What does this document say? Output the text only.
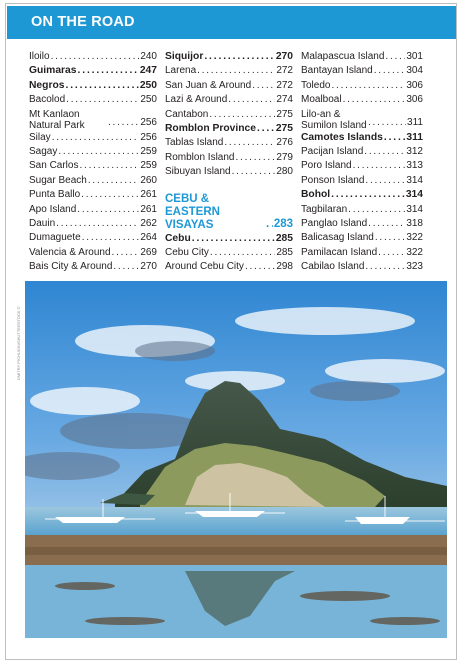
ON THE ROAD
Iloilo . . .	240
Guimaras . . .	247
Negros . . .	250
Bacolod . . .	250
Mt Kanlaon Natural Park . . .	256
Silay . . .	256
Sagay . . .	259
San Carlos . . .	259
Sugar Beach . . .	260
Punta Ballo . . .	261
Apo Island . . .	261
Dauin . . .	262
Dumaguete . . .	264
Valencia & Around . . .	269
Bais City & Around . . .	270
Siquijor . . .	270
Larena . . .	272
San Juan & Around . . .	272
Lazi & Around . . .	274
Cantabon . . .	275
Romblon Province . . . 275
Tablas Island . . .	276
Romblon Island . . .	279
Sibuyan Island . . .	280
CEBU & EASTERN VISAYAS . . .	283
Cebu . . .	285
Cebu City . . .	285
Around Cebu City . . .	298
Malapascua Island . . . 301
Bantayan Island . . .	304
Toledo . . .	306
Moalboal . . .	306
Lilo-an & Sumilon Island . . .	311
Camotes Islands . . . 311
Pacijan Island . . .	312
Poro Island . . .	313
Ponson Island . . .	314
Bohol . . .	314
Tagbilaran . . .	314
Panglao Island . . .	318
Balicasag Island . . .	322
Pamilacan Island . . .	322
Cabilao Island . . .	323
DMITRY PICHUGIN/SHUTTERSTOCK ©
